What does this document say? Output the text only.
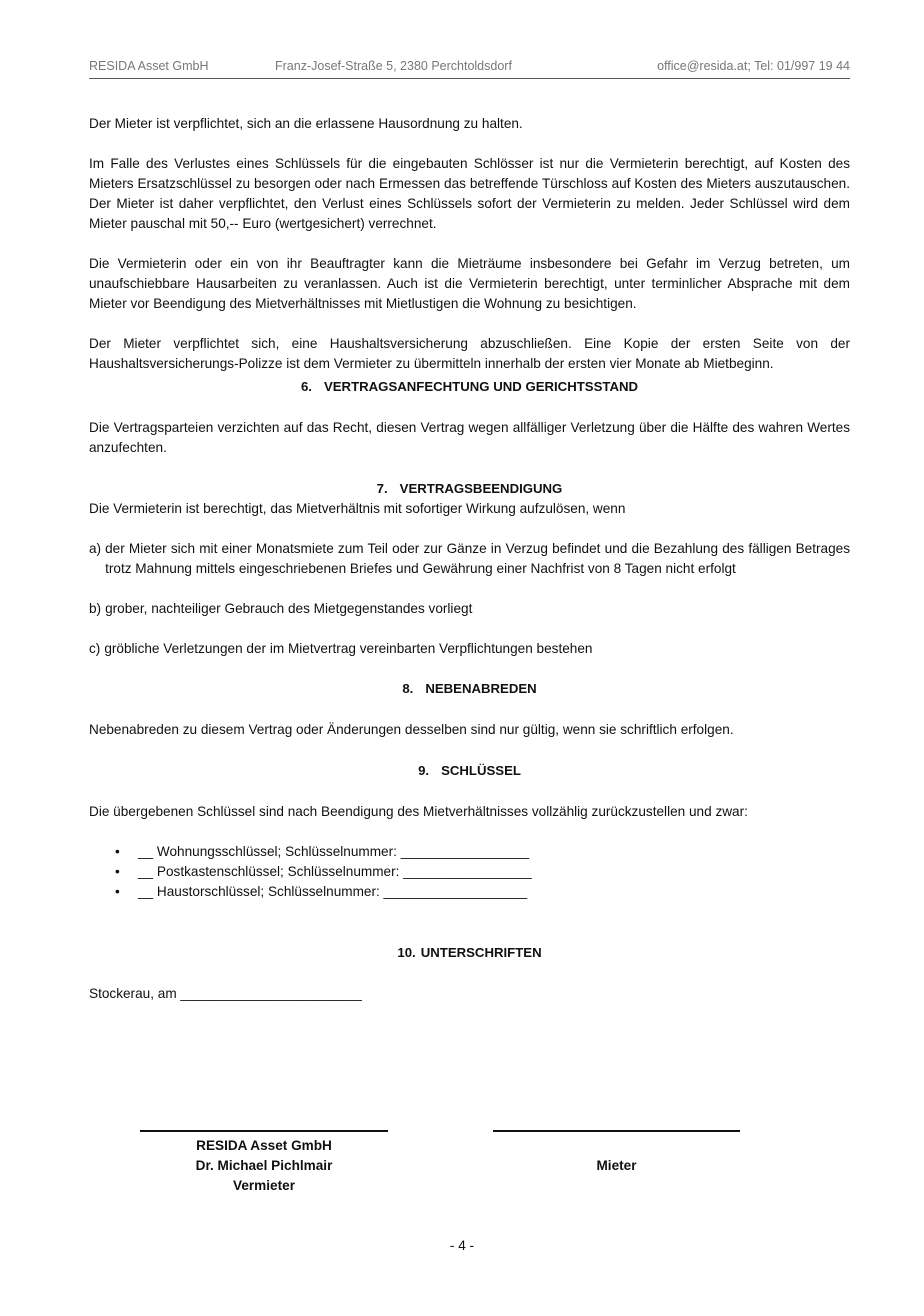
RESIDA Asset GmbH	Franz-Josef-Straße 5, 2380 Perchtoldsdorf	office@resida.at; Tel: 01/997 19 44

Der Mieter ist verpflichtet, sich an die erlassene Hausordnung zu halten.

Im Falle des Verlustes eines Schlüssels für die eingebauten Schlösser ist nur die Vermieterin berechtigt, auf Kosten des Mieters Ersatzschlüssel zu besorgen oder nach Ermessen das betreffende Türschloss auf Kosten des Mieters auszutauschen. Der Mieter ist daher verpflichtet, den Verlust eines Schlüssels sofort der Vermieterin zu melden. Jeder Schlüssel wird dem Mieter pauschal mit 50,-- Euro (wertgesichert) verrechnet.

Die Vermieterin oder ein von ihr Beauftragter kann die Mieträume insbesondere bei Gefahr im Verzug betreten, um unaufschiebbare Hausarbeiten zu veranlassen. Auch ist die Vermieterin berechtigt, unter terminlicher Absprache mit dem Mieter vor Beendigung des Mietverhältnisses mit Mietlustigen die Wohnung zu besichtigen.

Der Mieter verpflichtet sich, eine Haushaltsversicherung abzuschließen. Eine Kopie der ersten Seite von der Haushaltsversicherungs-Polizze ist dem Vermieter zu übermitteln innerhalb der ersten vier Monate ab Mietbeginn.

6. VERTRAGSANFECHTUNG UND GERICHTSSTAND

Die Vertragsparteien verzichten auf das Recht, diesen Vertrag wegen allfälliger Verletzung über die Hälfte des wahren Wertes anzufechten.

7. VERTRAGSBEENDIGUNG

Die Vermieterin ist berechtigt, das Mietverhältnis mit sofortiger Wirkung aufzulösen, wenn

a) der Mieter sich mit einer Monatsmiete zum Teil oder zur Gänze in Verzug befindet und die Bezahlung des fälligen Betrages trotz Mahnung mittels eingeschriebenen Briefes und Gewährung einer Nachfrist von 8 Tagen nicht erfolgt
b) grober, nachteiliger Gebrauch des Mietgegenstandes vorliegt
c) gröbliche Verletzungen der im Mietvertrag vereinbarten Verpflichtungen bestehen
8. NEBENABREDEN

Nebenabreden zu diesem Vertrag oder Änderungen desselben sind nur gültig, wenn sie schriftlich erfolgen.

9. SCHLÜSSEL

Die übergebenen Schlüssel sind nach Beendigung des Mietverhältnisses vollzählig zurückzustellen und zwar:

• __ Wohnungsschlüssel; Schlüsselnummer: _________________
• __ Postkastenschlüssel; Schlüsselnummer: _________________
• __ Haustorschlüssel; Schlüsselnummer: ___________________
10. UNTERSCHRIFTEN

Stockerau, am ________________________

RESIDA Asset GmbH
Dr. Michael Pichlmair
Vermieter
Mieter
- 4 -
